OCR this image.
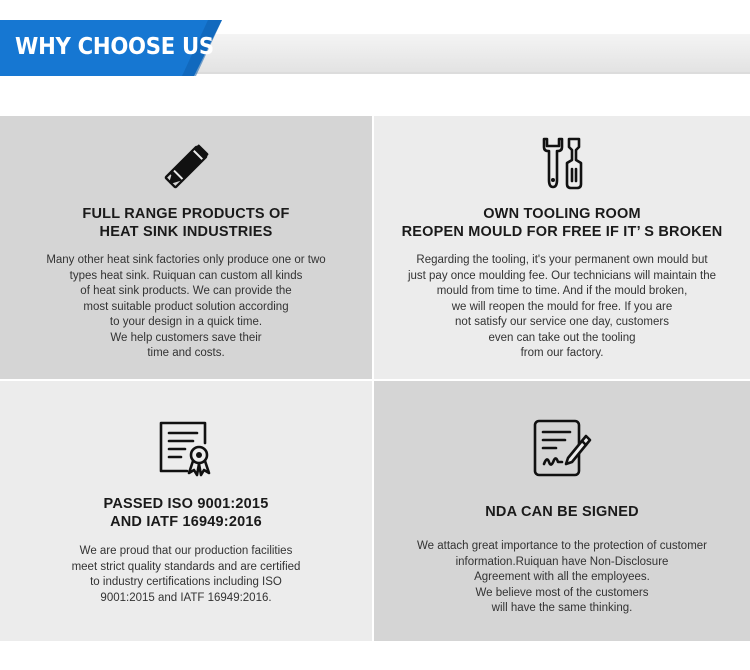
WHY CHOOSE US
FULL RANGE PRODUCTS OF
HEAT SINK INDUSTRIES
Many other heat sink factories only produce one or two
types heat sink. Ruiquan can custom all kinds
of heat sink products. We can provide the
most suitable product solution according
to your design in a quick time.
We help customers save their
time and costs.
OWN TOOLING ROOM
REOPEN MOULD FOR FREE IF IT’ S BROKEN
Regarding the tooling, it's your permanent own mould but
just pay once moulding fee. Our technicians will maintain the
mould from time to time. And if the mould broken,
we will reopen the mould for free. If you are
not satisfy our service one day, customers
even can take out the tooling
from our factory.
PASSED ISO 9001:2015
AND IATF 16949:2016
We are proud that our production facilities
meet strict quality standards and are certified
to industry certifications including ISO
9001:2015 and IATF 16949:2016.
NDA CAN BE SIGNED
We attach great importance to the protection of customer
information.Ruiquan have Non-Disclosure
Agreement with all the employees.
We believe most of the customers
will have the same thinking.
